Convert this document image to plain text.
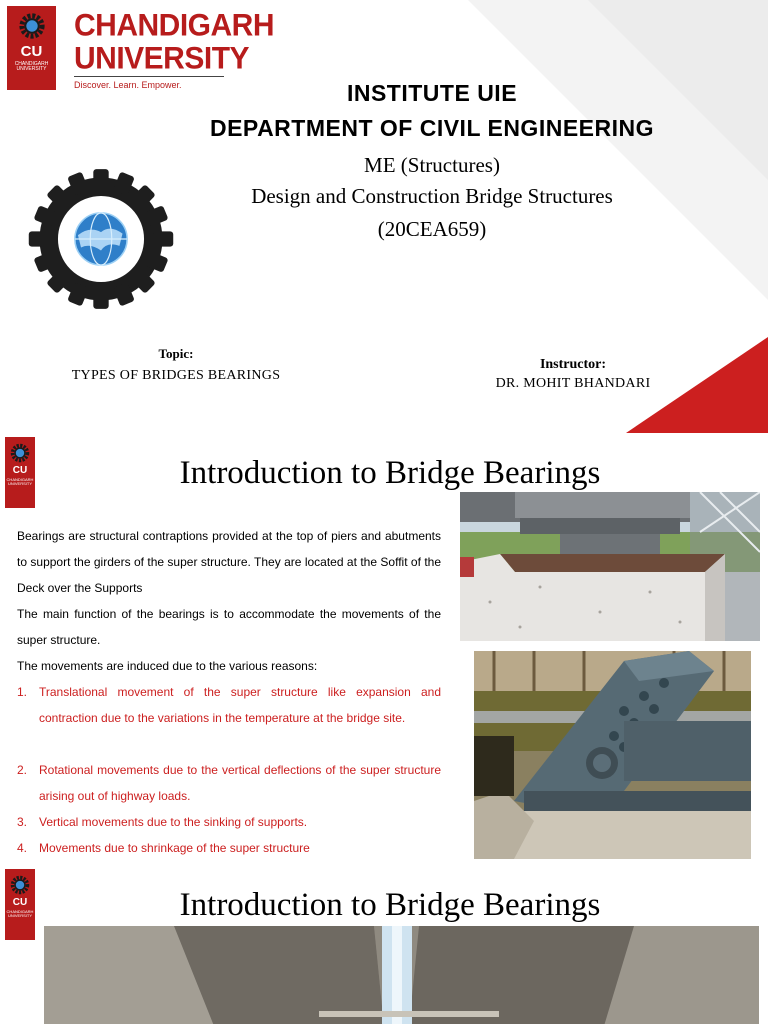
CU
CHANDIGARH
UNIVERSITY
CHANDIGARH
UNIVERSITY
Discover. Learn. Empower.	INSTITUTE UIE
DEPARTMENT OF CIVIL ENGINEERING
ME (Structures)
Design and Construction Bridge Structures
(20CEA659)
Topic:
TYPES OF BRIDGES BEARINGS
Instructor:
DR. MOHIT BHANDARI
CU
CHANDIGARH
UNIVERSITY	Introduction to Bridge Bearings

Bearings are structural contraptions provided at the top of piers and abutments to support the girders of the super structure. They are located at the Soffit of the Deck over the Supports

The main function of the bearings is to accommodate the movements of the super structure.

The movements are induced due to the various reasons:

1. Translational movement of the super structure like expansion and contraction due to the variations in the temperature at the bridge site.
2. Rotational movements due to the vertical deflections of the super structure arising out of highway loads.
3. Vertical movements due to the sinking of supports.
4. Movements due to shrinkage of the super structure
CU
CHANDIGARH
UNIVERSITY	Introduction to Bridge Bearings
